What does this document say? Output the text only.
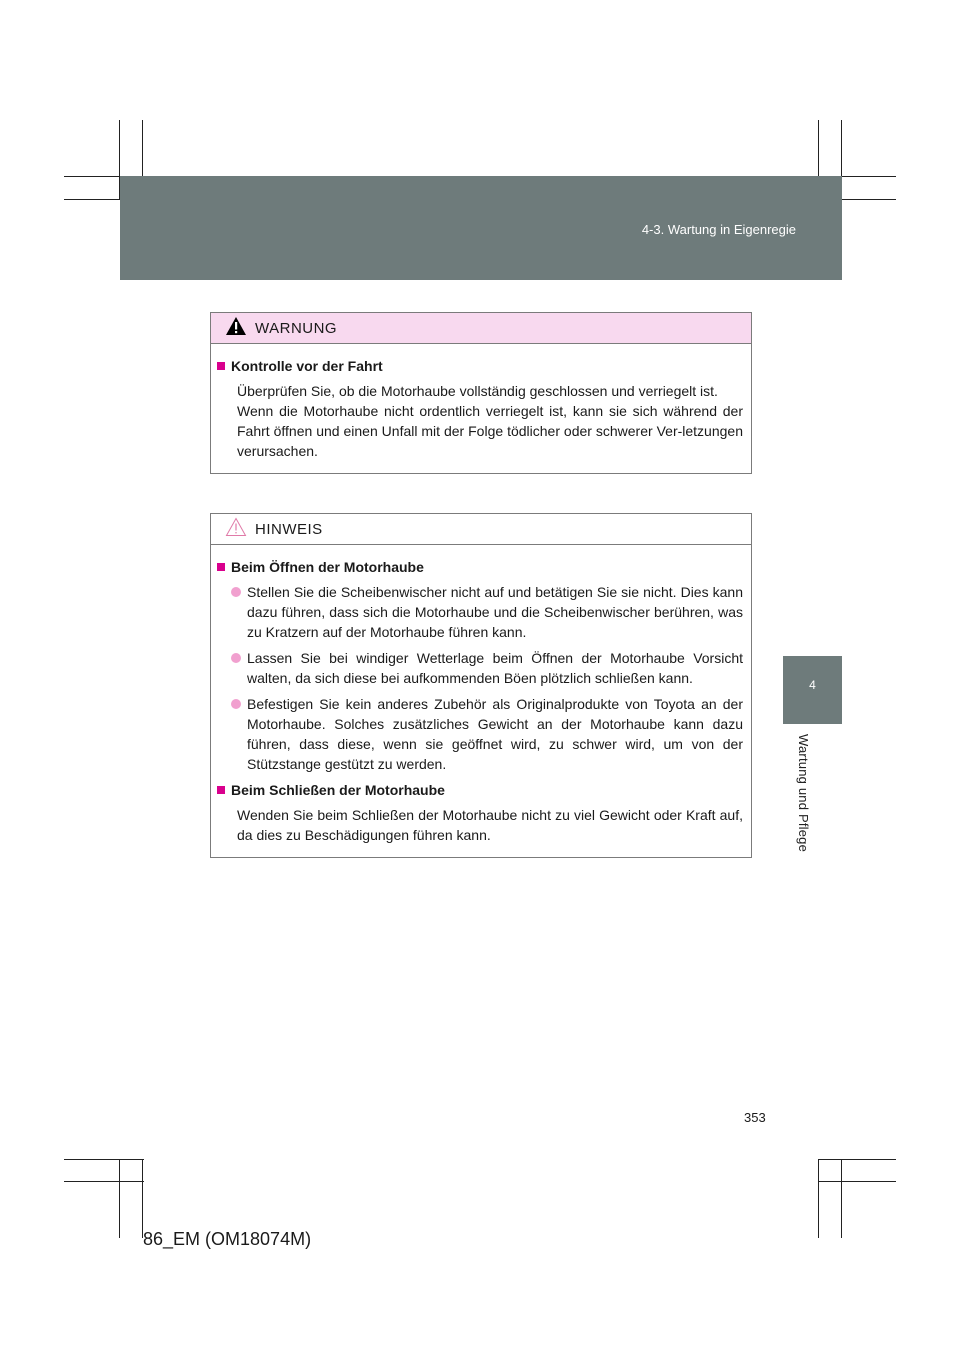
4-3. Wartung in Eigenregie
4
Wartung und Pflege
WARNUNG
Kontrolle vor der Fahrt

Überprüfen Sie, ob die Motorhaube vollständig geschlossen und verriegelt ist.

Wenn die Motorhaube nicht ordentlich verriegelt ist, kann sie sich während der Fahrt öffnen und einen Unfall mit der Folge tödlicher oder schwerer Ver-letzungen verursachen.

HINWEIS
Beim Öffnen der Motorhaube
Stellen Sie die Scheibenwischer nicht auf und betätigen Sie sie nicht. Dies kann dazu führen, dass sich die Motorhaube und die Scheibenwischer berühren, was zu Kratzern auf der Motorhaube führen kann.
Lassen Sie bei windiger Wetterlage beim Öffnen der Motorhaube Vorsicht walten, da sich diese bei aufkommenden Böen plötzlich schließen kann.
Befestigen Sie kein anderes Zubehör als Originalprodukte von Toyota an der Motorhaube. Solches zusätzliches Gewicht an der Motorhaube kann dazu führen, dass diese, wenn sie geöffnet wird, zu schwer wird, um von der Stützstange gestützt zu werden.
Beim Schließen der Motorhaube

Wenden Sie beim Schließen der Motorhaube nicht zu viel Gewicht oder Kraft auf, da dies zu Beschädigungen führen kann.

353
86_EM (OM18074M)
